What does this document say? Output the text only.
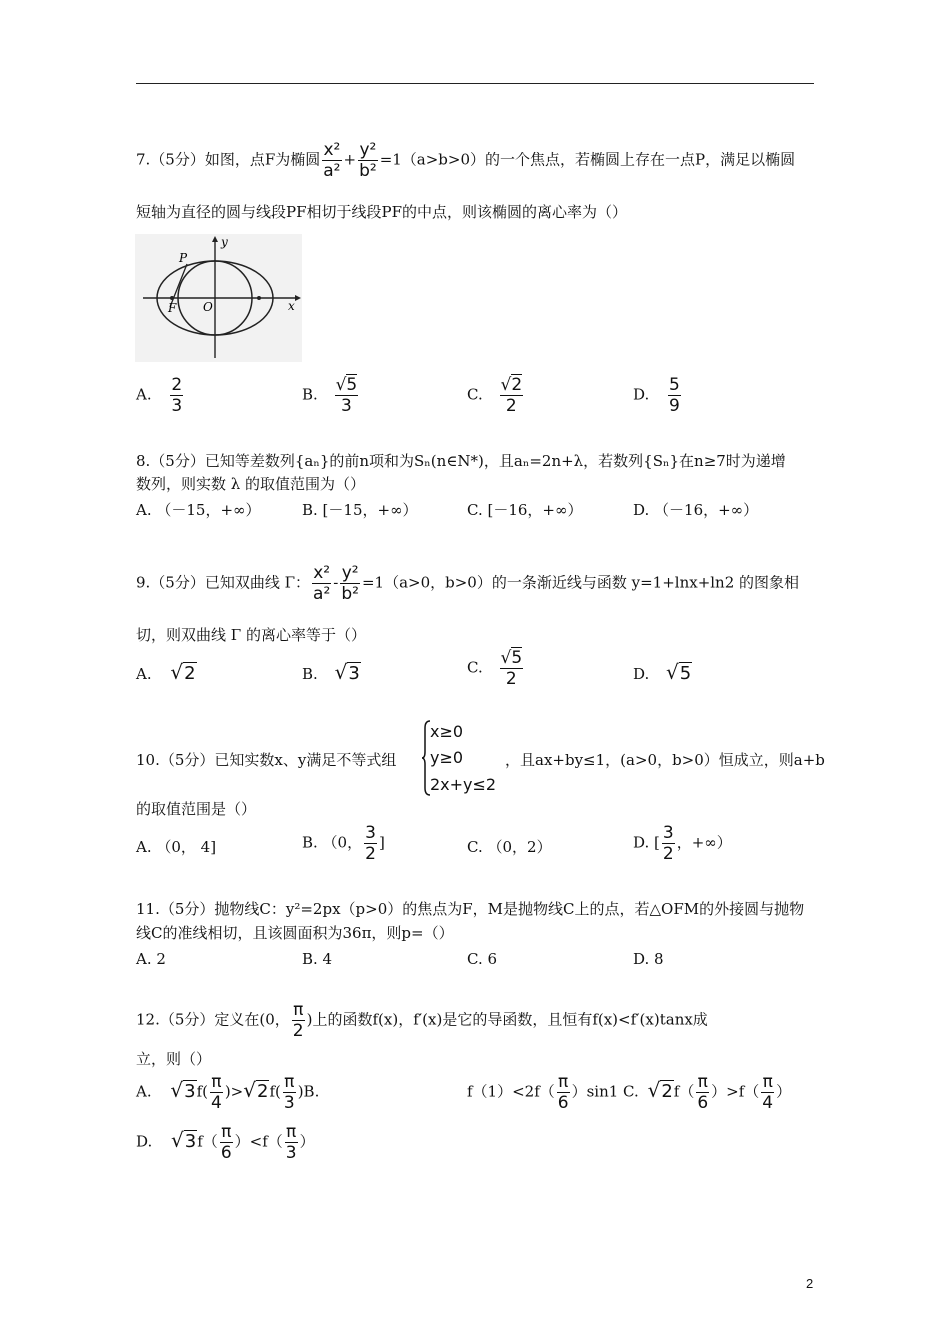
7.（5分）如图，点F为椭圆 $\frac{\text{x²}}{\text{a²}} + \frac{\text{y²}}{\text{b²}} =1(a>b>0)$的一个焦点，若椭圆上存在一点P，满足以椭圆
短轴为直径的圆与线段PF相切于线段PF的中点，则该椭圆的离心率为（）
y
x
P
F O
A. $\frac{2}{3}$	B. $\frac{√5}{3}$	C. $\frac{√2}{2}$	D. $\frac{5}{9}$
8.（5分）已知等差数列{aₙ}的前n项和为Sₙ(n∈N*)，且aₙ=2n+λ，若数列{Sₙ}在n≥7时为递增
数列，则实数 λ 的取值范围为（）
A. （－15，+∞）	B. [－15，+∞）	C. [－16，+∞）	D. （－16，+∞）
9.（5分）已知双曲线 Γ： $\frac{\text{x²}}{\text{a²}} - \frac{\text{y²}}{\text{b²}} =1(a>0$，b>0）的一条渐近线与函数 y=1+lnx+ln2 的图象相
切，则双曲线 Γ 的离心率等于（）
A. √2	B. √3	C. $\frac{√5}{2}$	D. √5
10.（5分）已知实数x、y满足不等式组
x≥0
y≥0
2x+y≤2
，且ax+by≤1，(a>0，b>0）恒成立，则a+b
的取值范围是（）
A. （0， 4]	B. （0， $\frac{3}{2}$ ]	C. （0，2）	D. [ $\frac{3}{2}$ ，+∞）
11.（5分）抛物线C：y²=2px（p>0）的焦点为F，M是抛物线C上的点，若△OFM的外接圆与抛物
线C的准线相切，且该圆面积为36π，则p=（）
A. 2	B. 4	C. 6	D. 8
12.（5分）定义在(0， $\frac{\pi}{2}$ )上的函数f(x)，f′(x)是它的导函数，且恒有f(x)<f′(x)tanx成
立，则（）
A. $√3f( \frac{\pi}{4} )>√2f( \frac{\pi}{3} )B$.	$f(1)<2f( \frac{\pi}{6} )\sin 1$ C. $√2f( \frac{\pi}{6} )>f( \frac{\pi}{4}$ ）
D. $√3f( \frac{\pi}{6} )<f( \frac{\pi}{3}$ ）
2
